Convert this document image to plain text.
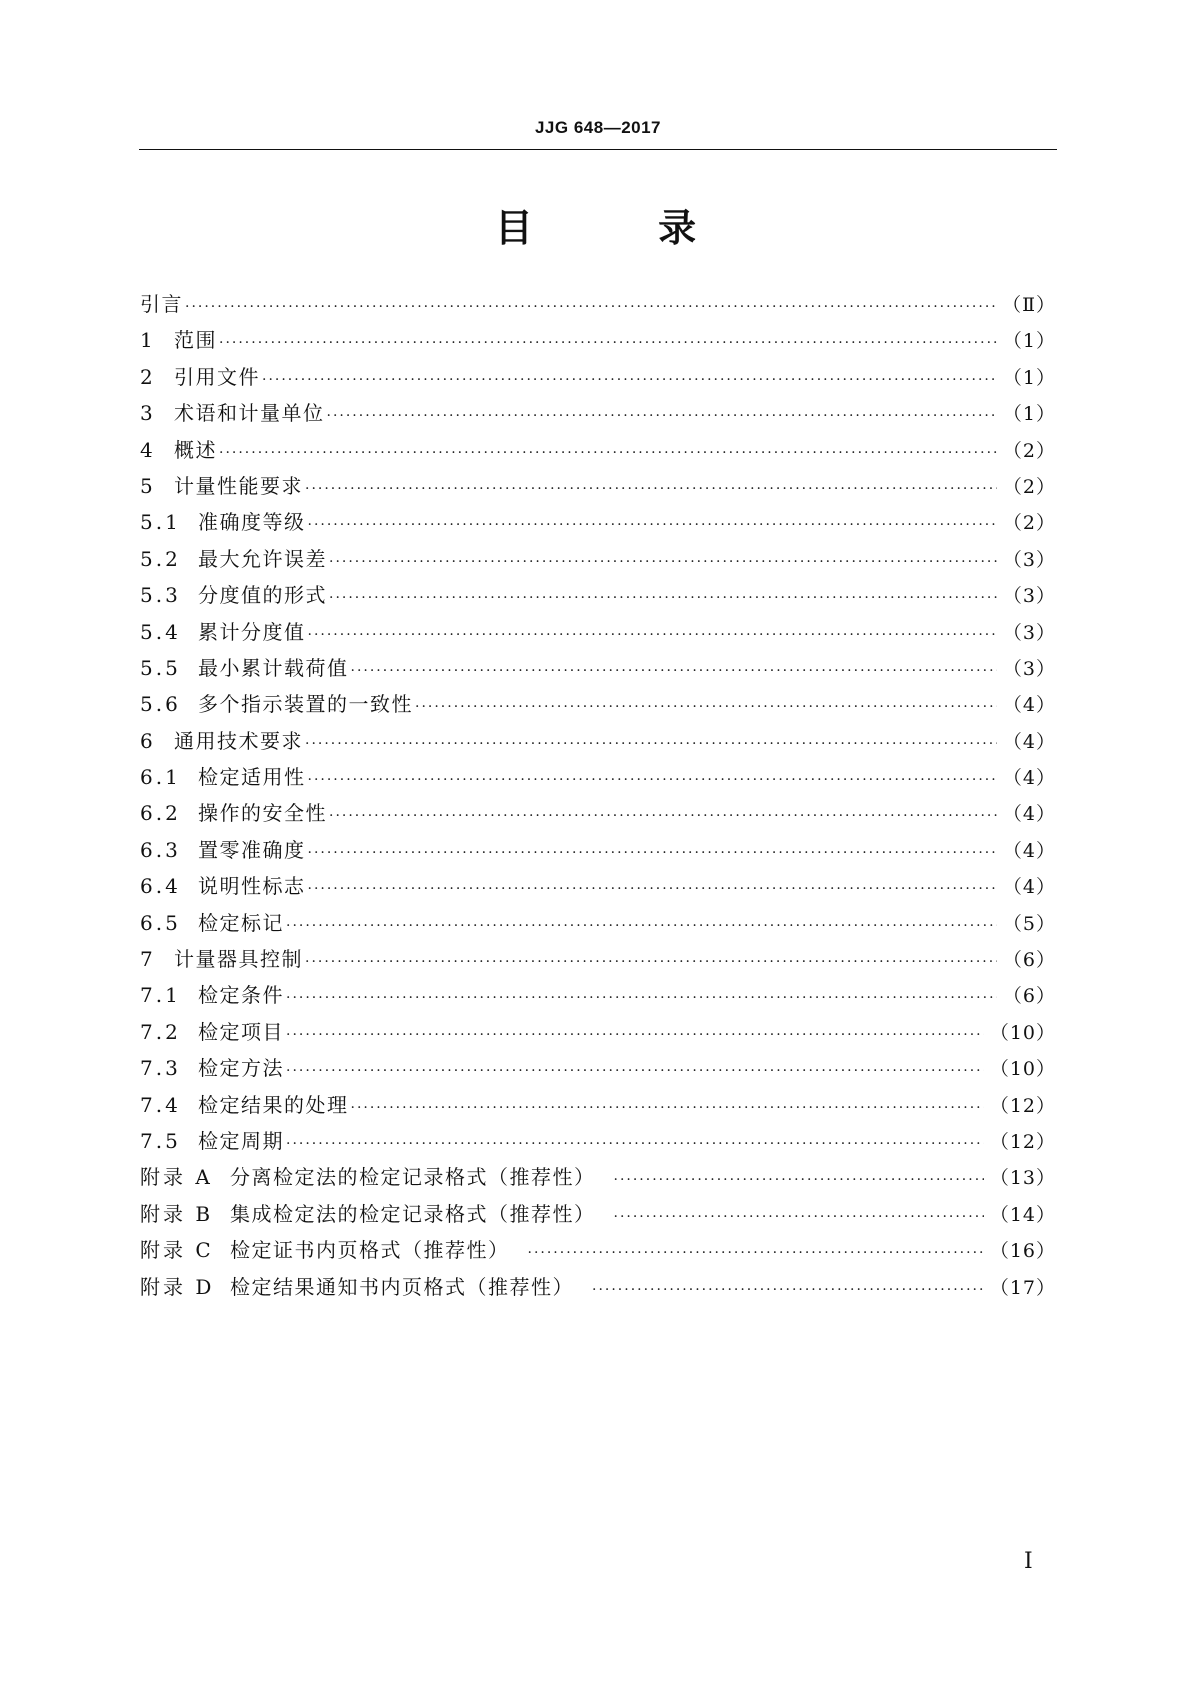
JJG 648—2017
目 录
引言 ·····	（Ⅱ）
1 范围 ·····	（1）
2 引用文件 ·····	（1）
3 术语和计量单位 ·····	（1）
4 概述 ·····	（2）
5 计量性能要求 ·····	（2）
5.1 准确度等级 ·····	（2）
5.2 最大允许误差 ·····	（3）
5.3 分度值的形式 ·····	（3）
5.4 累计分度值 ·····	（3）
5.5 最小累计载荷值 ·····	（3）
5.6 多个指示装置的一致性 ·····	（4）
6 通用技术要求 ·····	（4）
6.1 检定适用性 ·····	（4）
6.2 操作的安全性 ·····	（4）
6.3 置零准确度 ·····	（4）
6.4 说明性标志 ·····	（4）
6.5 检定标记 ·····	（5）
7 计量器具控制 ·····	（6）
7.1 检定条件 ·····	（6）
7.2 检定项目 ·····	（10）
7.3 检定方法 ·····	（10）
7.4 检定结果的处理 ·····	（12）
7.5 检定周期 ·····	（12）
附录 A 分离检定法的检定记录格式（推荐性） ·····	（13）
附录 B 集成检定法的检定记录格式（推荐性） ·····	（14）
附录 C 检定证书内页格式（推荐性） ·····	（16）
附录 D 检定结果通知书内页格式（推荐性） ·····	（17）
I
